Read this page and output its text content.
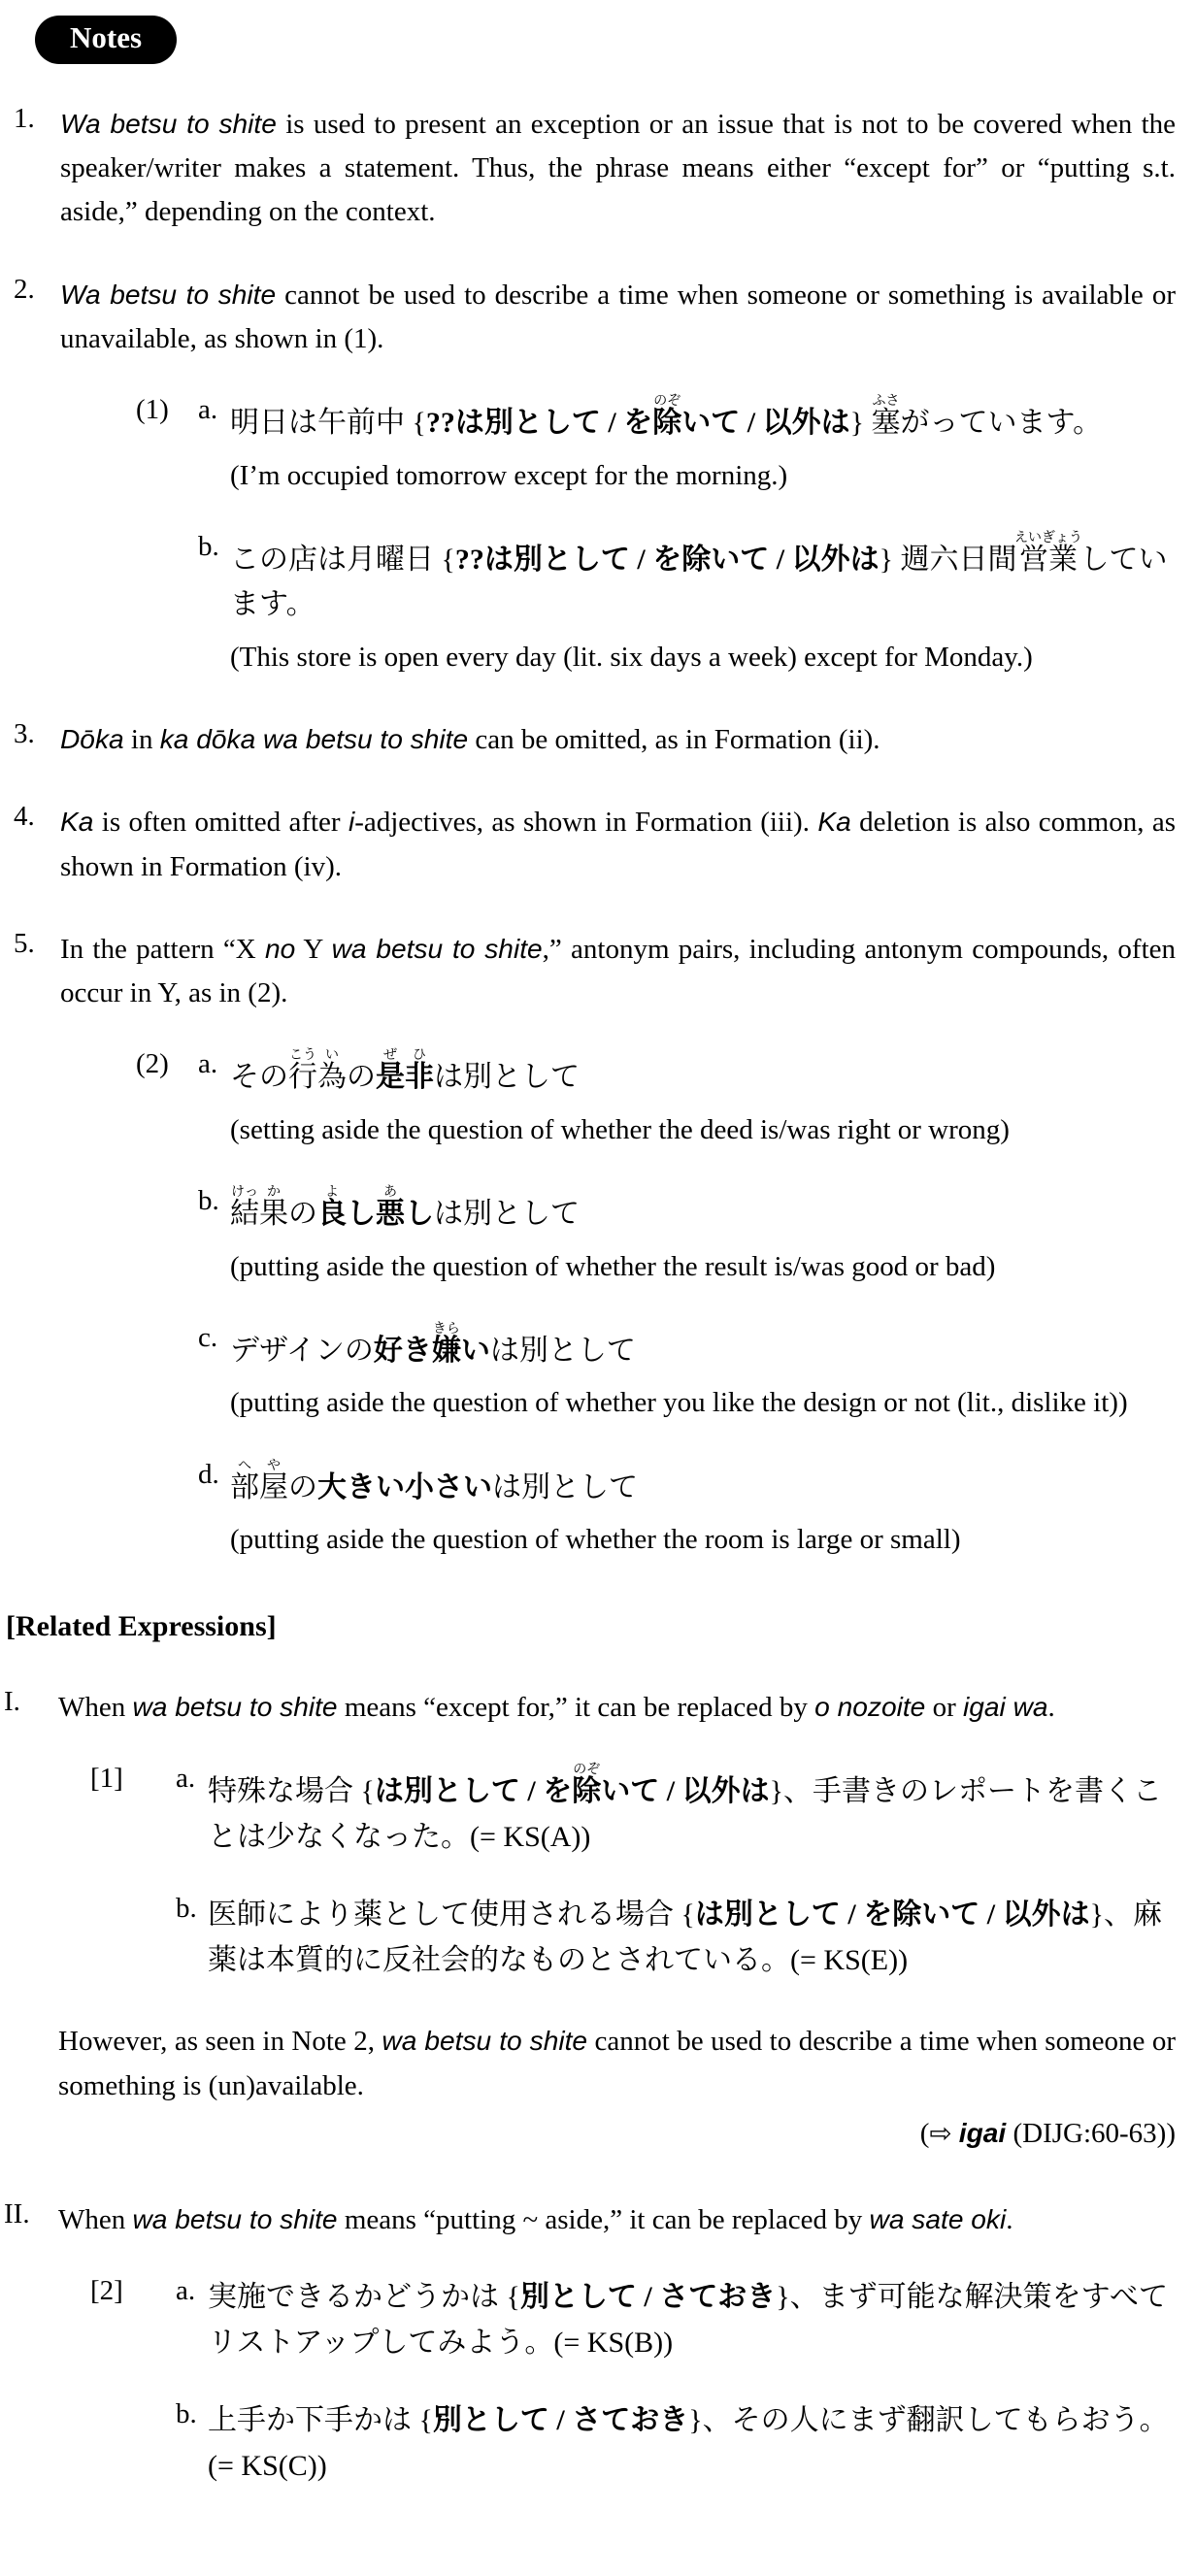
Notes
1. Wa betsu to shite is used to present an exception or an issue that is not to be covered when the speaker/writer makes a statement. Thus, the phrase means either “except for” or “putting s.t. aside,” depending on the context.

2. Wa betsu to shite cannot be used to describe a time when someone or something is available or unavailable, as shown in (1).

(1)	a. 明日は午前中 {??は別として / を除のぞいて / 以外は} 塞ふさがっています。

(I’m occupied tomorrow except for the morning.)

b. この店は月曜日 {??は別として / を除いて / 以外は} 週六日間営業えいぎょうしています。

(This store is open every day (lit. six days a week) except for Monday.)

3. Dōka in ka dōka wa betsu to shite can be omitted, as in Formation (ii).

4. Ka is often omitted after i-adjectives, as shown in Formation (iii). Ka deletion is also common, as shown in Formation (iv).

5. In the pattern “X no Y wa betsu to shite,” antonym pairs, including antonym compounds, often occur in Y, as in (2).

(2)	a. その行こう為いの是ぜ非ひは別として

(setting aside the question of whether the deed is/was right or wrong)

b. 結けっ果かの良よし悪あしは別として

(putting aside the question of whether the result is/was good or bad)

c. デザインの好き嫌きらいは別として

(putting aside the question of whether you like the design or not (lit., dislike it))

d. 部へ屋やの大きい小さいは別として

(putting aside the question of whether the room is large or small)

[Related Expressions]
I. When wa betsu to shite means “except for,” it can be replaced by o nozoite or igai wa.

[1]	a. 特殊な場合 {は別として / を除のぞいて / 以外は}、手書きのレポートを書くことは少なくなった。(= KS(A))

b. 医師により薬として使用される場合 {は別として / を除いて / 以外は}、麻薬は本質的に反社会的なものとされている。(= KS(E))

However, as seen in Note 2, wa betsu to shite cannot be used to describe a time when someone or something is (un)available.

(⇨ igai (DIJG:60-63))

II. When wa betsu to shite means “putting ~ aside,” it can be replaced by wa sate oki.

[2]	a. 実施できるかどうかは {別として / さておき}、まず可能な解決策をすべてリストアップしてみよう。(= KS(B))

b. 上手か下手かは {別として / さておき}、その人にまず翻訳してもらおう。(= KS(C))
